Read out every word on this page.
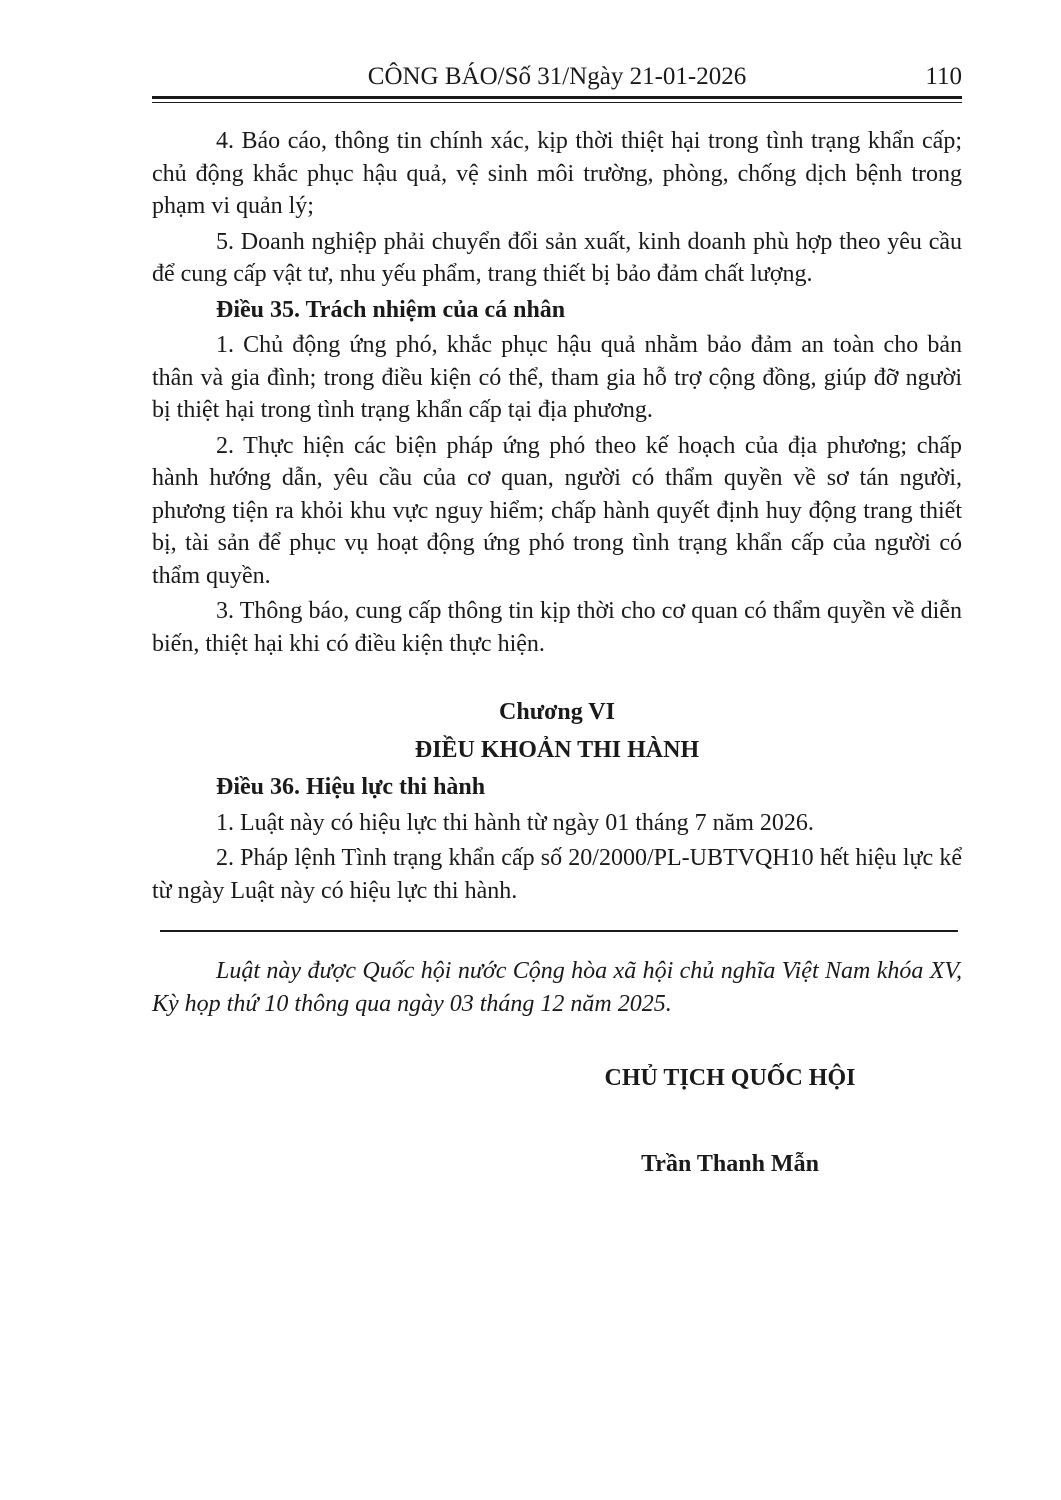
CÔNG BÁO/Số 31/Ngày 21-01-2026	110

4. Báo cáo, thông tin chính xác, kịp thời thiệt hại trong tình trạng khẩn cấp; chủ động khắc phục hậu quả, vệ sinh môi trường, phòng, chống dịch bệnh trong phạm vi quản lý;

5. Doanh nghiệp phải chuyển đổi sản xuất, kinh doanh phù hợp theo yêu cầu để cung cấp vật tư, nhu yếu phẩm, trang thiết bị bảo đảm chất lượng.

Điều 35. Trách nhiệm của cá nhân

1. Chủ động ứng phó, khắc phục hậu quả nhằm bảo đảm an toàn cho bản thân và gia đình; trong điều kiện có thể, tham gia hỗ trợ cộng đồng, giúp đỡ người bị thiệt hại trong tình trạng khẩn cấp tại địa phương.

2. Thực hiện các biện pháp ứng phó theo kế hoạch của địa phương; chấp hành hướng dẫn, yêu cầu của cơ quan, người có thẩm quyền về sơ tán người, phương tiện ra khỏi khu vực nguy hiểm; chấp hành quyết định huy động trang thiết bị, tài sản để phục vụ hoạt động ứng phó trong tình trạng khẩn cấp của người có thẩm quyền.

3. Thông báo, cung cấp thông tin kịp thời cho cơ quan có thẩm quyền về diễn biến, thiệt hại khi có điều kiện thực hiện.

Chương VI

ĐIỀU KHOẢN THI HÀNH

Điều 36. Hiệu lực thi hành

1. Luật này có hiệu lực thi hành từ ngày 01 tháng 7 năm 2026.

2. Pháp lệnh Tình trạng khẩn cấp số 20/2000/PL-UBTVQH10 hết hiệu lực kể từ ngày Luật này có hiệu lực thi hành.

Luật này được Quốc hội nước Cộng hòa xã hội chủ nghĩa Việt Nam khóa XV, Kỳ họp thứ 10 thông qua ngày 03 tháng 12 năm 2025.

CHỦ TỊCH QUỐC HỘI
Trần Thanh Mẫn
